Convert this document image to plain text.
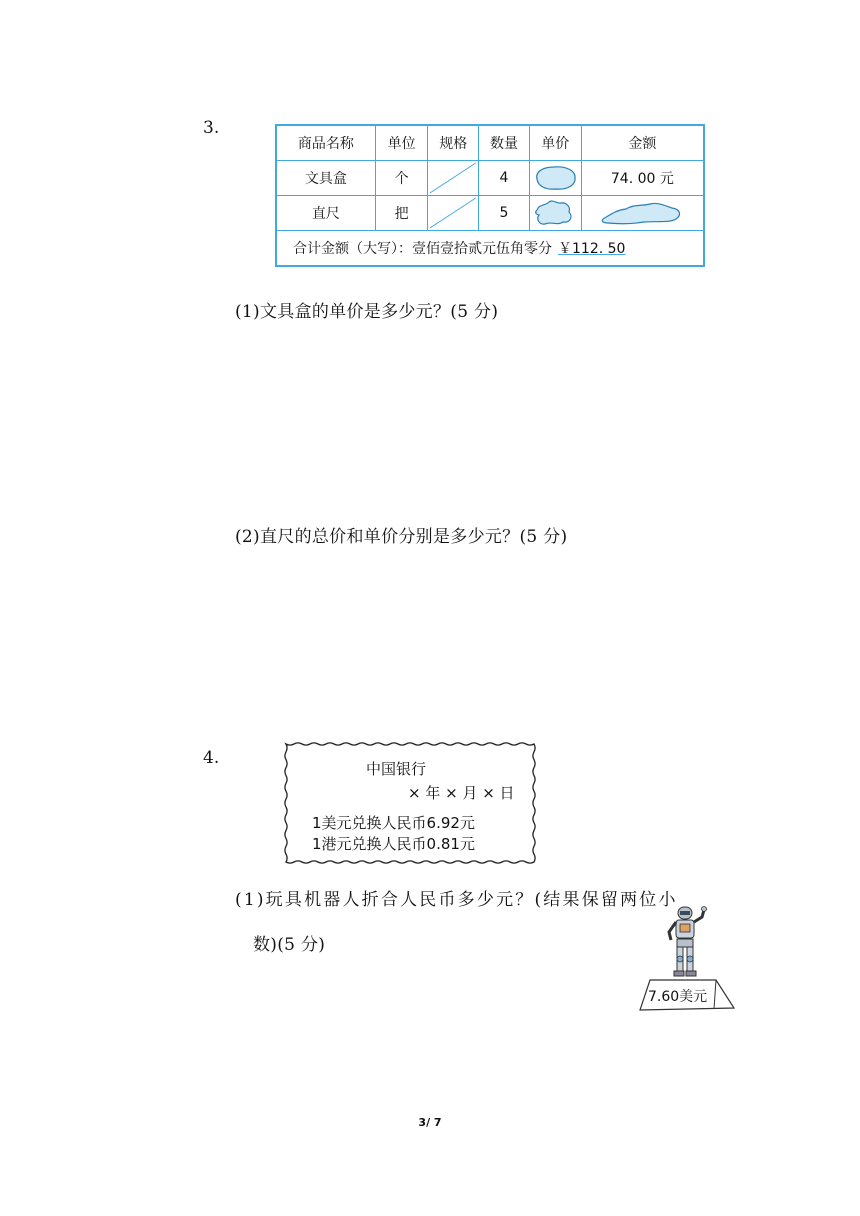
3.
商品名称	单位	规格	数量	单价	金额
文具盒	个		4		74. 00 元
直尺	把		5	

合计金额（大写）：壹佰壹拾贰元伍角零分 ￥112. 50					
(1)文具盒的单价是多少元？(5 分)
(2)直尺的总价和单价分别是多少元？(5 分)
4.
中国银行
× 年 × 月 × 日
1美元兑换人民币6.92元
1港元兑换人民币0.81元
(1)玩具机器人折合人民币多少元？(结果保留两位小
数)(5 分)
7.60美元
3/ 7
